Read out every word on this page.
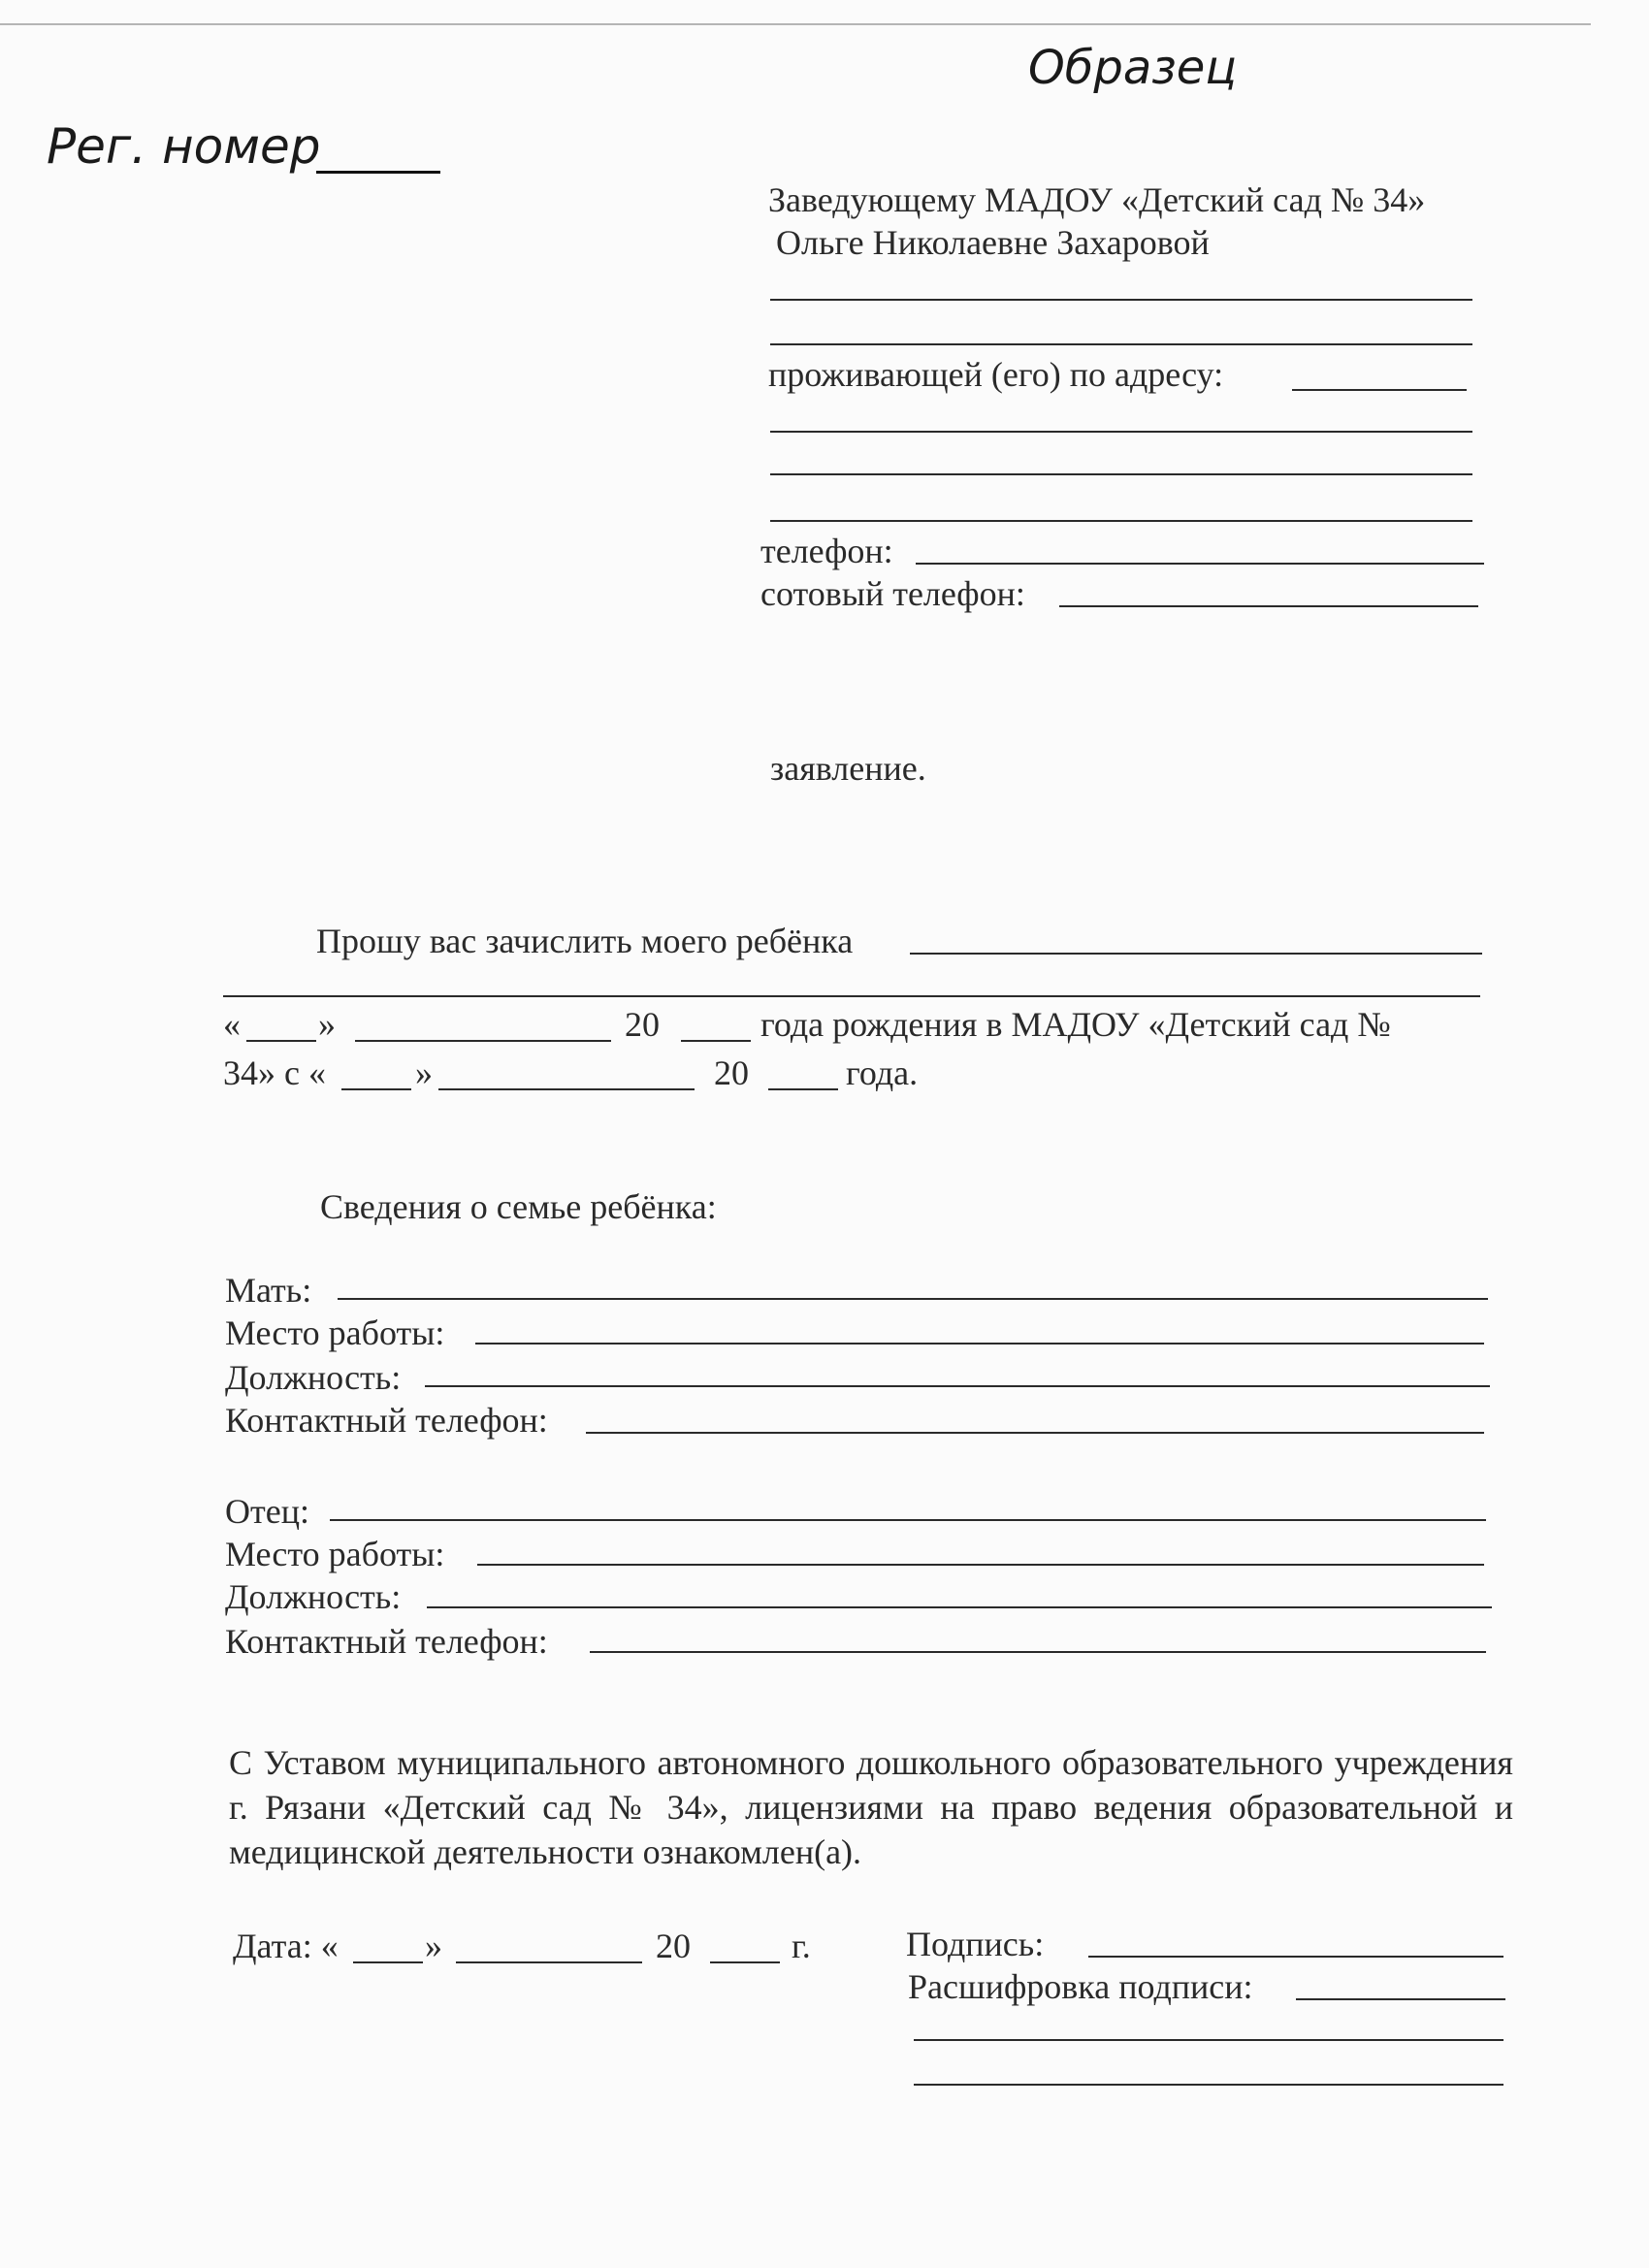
Образец
Рег. номер
Заведующему МАДОУ «Детский сад № 34»
Ольге Николаевне Захаровой
проживающей (его) по адресу:
телефон:
сотовый телефон:
заявление.
Прошу вас зачислить моего ребёнка
« »	20	года рождения в МАДОУ «Детский сад №
34» с «	»	20	года.
Сведения о семье ребёнка:
Мать:
Место работы:
Должность:
Контактный телефон:
Отец:
Место работы:
Должность:
Контактный телефон:
С Уставом муниципального автономного дошкольного образовательного учреждения г. Рязани «Детский сад № 34», лицензиями на право ведения образовательной и медицинской деятельности ознакомлен(а).
Дата: « »	20	г.	Подпись:
Расшифровка подписи:
